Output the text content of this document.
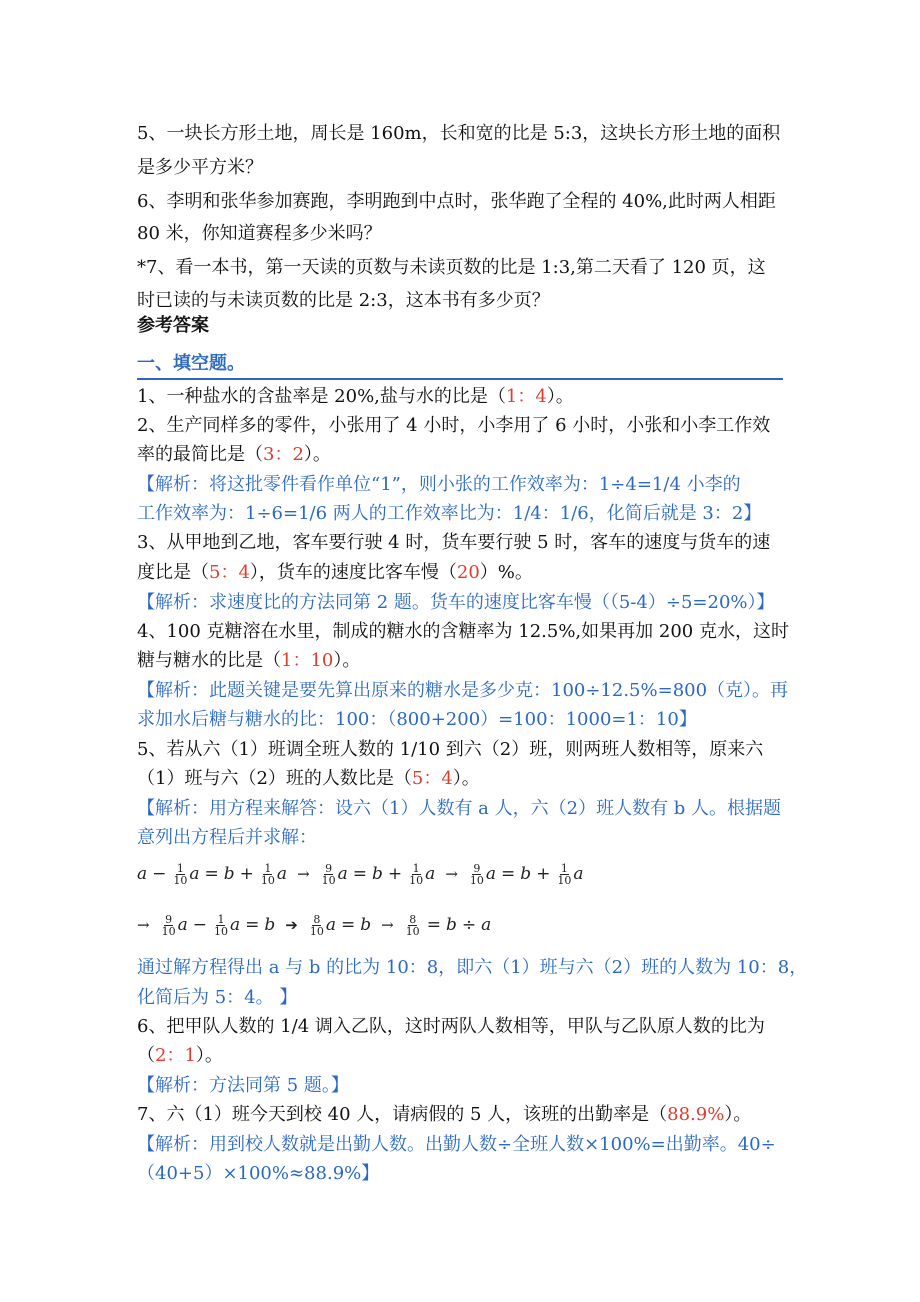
5、一块长方形土地，周长是 160m，长和宽的比是 5:3，这块长方形土地的面积
是多少平方米？
6、李明和张华参加赛跑，李明跑到中点时，张华跑了全程的 40%,此时两人相距
80 米，你知道赛程多少米吗？
*7、看一本书，第一天读的页数与未读页数的比是 1:3,第二天看了 120 页，这
时已读的与未读页数的比是 2:3，这本书有多少页？
参考答案
一、填空题。
1、一种盐水的含盐率是 20%,盐与水的比是（1：4）。
2、生产同样多的零件，小张用了 4 小时，小李用了 6 小时，小张和小李工作效
率的最简比是（3：2）。
【解析：将这批零件看作单位“1”，则小张的工作效率为：1÷4=1/4 小李的
工作效率为：1÷6=1/6 两人的工作效率比为：1/4：1/6，化简后就是 3：2】
3、从甲地到乙地，客车要行驶 4 时，货车要行驶 5 时，客车的速度与货车的速
度比是（5：4），货车的速度比客车慢（20）%。
【解析：求速度比的方法同第 2 题。货车的速度比客车慢（（5-4）÷5=20%）】
4、100 克糖溶在水里，制成的糖水的含糖率为 12.5%,如果再加 200 克水，这时
糖与糖水的比是（1：10）。
【解析：此题关键是要先算出原来的糖水是多少克：100÷12.5%=800（克）。再
求加水后糖与糖水的比：100：（800+200）=100：1000=1：10】
5、若从六（1）班调全班人数的 1/10 到六（2）班，则两班人数相等，原来六
（1）班与六（2）班的人数比是（5：4）。
【解析：用方程来解答：设六（1）人数有 a 人，六（2）班人数有 b 人。根据题
意列出方程后并求解：
$a - \frac{1}{10}$ $a = b + \frac{1}{10}$ $a \to \frac{9}{10}$ $a = b + \frac{1}{10}$ $a \to \frac{9}{10}$ $a = b + \frac{1}{10}$ a
→ $\frac{9}{10}$ $a - \frac{1}{10}$ a = b ➔ $\frac{8}{10}$ $a = b \to \frac{8}{10} = b \div a$
通过解方程得出 a 与 b 的比为 10：8，即六（1）班与六（2）班的人数为 10：8，
化简后为 5：4。 】
6、把甲队人数的 1/4 调入乙队，这时两队人数相等，甲队与乙队原人数的比为
（2：1）。
【解析：方法同第 5 题。】
7、六（1）班今天到校 40 人，请病假的 5 人，该班的出勤率是（88.9%）。
【解析：用到校人数就是出勤人数。出勤人数÷全班人数×100%=出勤率。40÷
（40+5）×100%≈88.9%】
